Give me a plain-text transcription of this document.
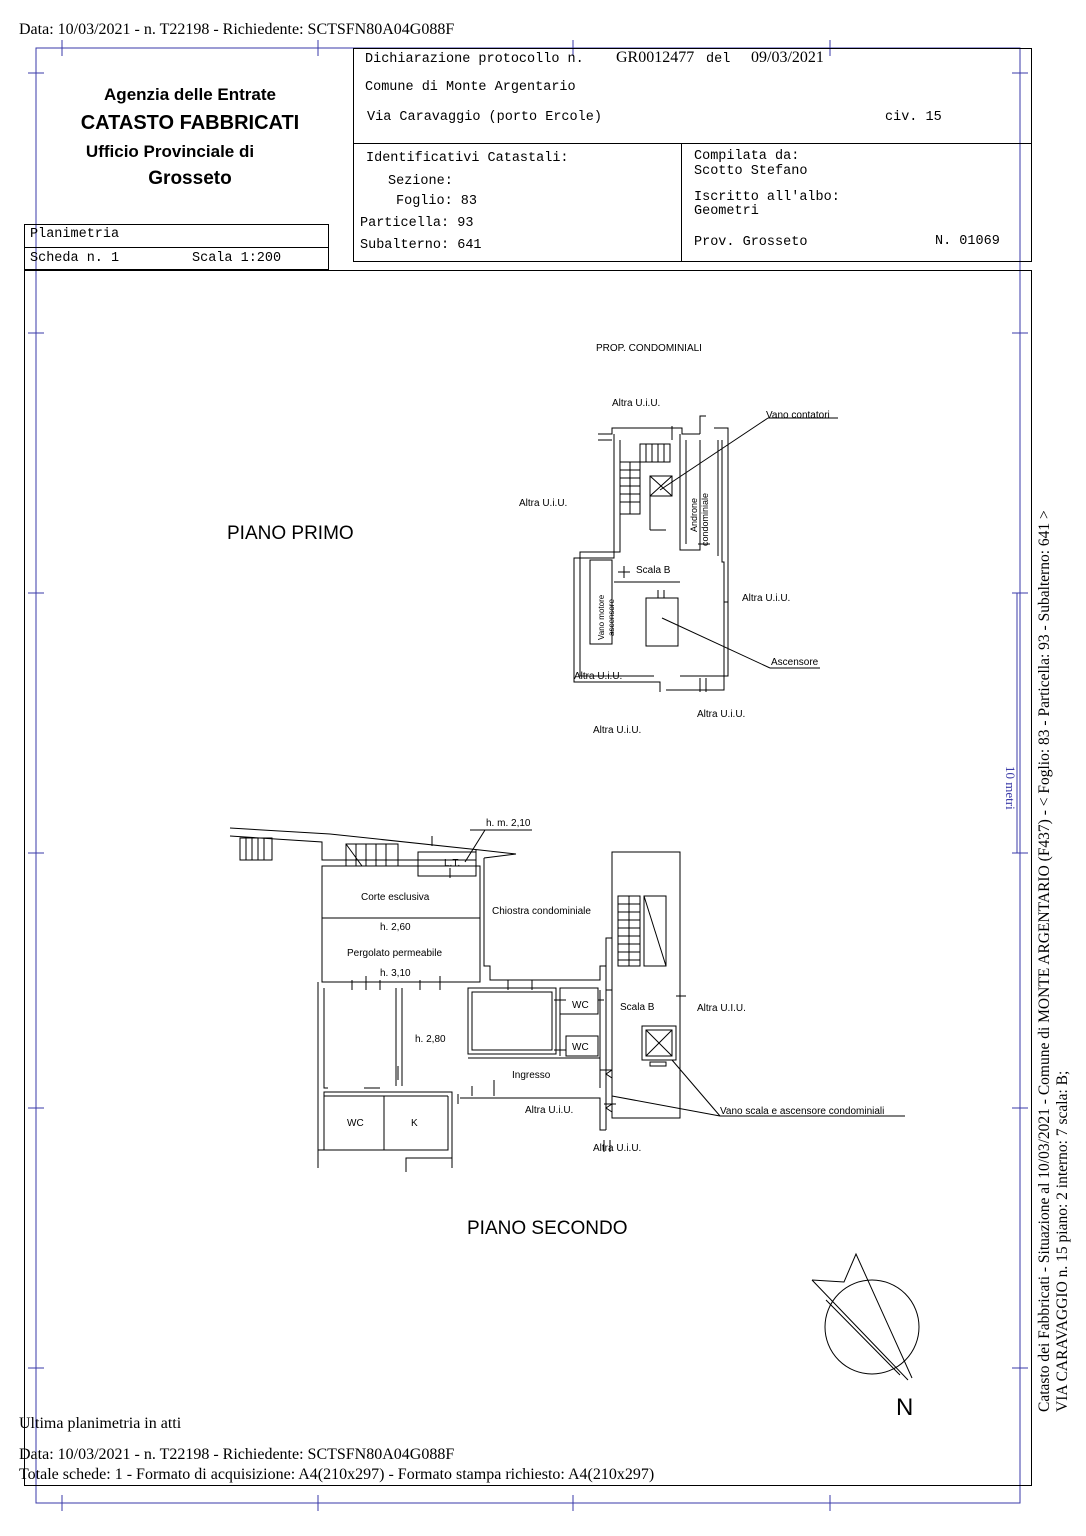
Data: 10/03/2021 - n. T22198 - Richiedente: SCTSFN80A04G088F
Agenzia delle Entrate
CATASTO FABBRICATI
Ufficio Provinciale di
Grosseto
Planimetria
Scheda n. 1	Scala 1:200
Dichiarazione protocollo n. GR0012477 del 09/03/2021
Comune di Monte Argentario
Via Caravaggio (porto Ercole)	civ. 15
Identificativi Catastali:
Sezione:
Foglio: 83
Particella: 93
Subalterno: 641
Compilata da:
Scotto Stefano
Iscritto all'albo:
Geometri
Prov. Grosseto	N. 01069
PIANO PRIMO
PIANO SECONDO
PROP. CONDOMINIALI
Altra U.i.U.
Vano contatori
Altra U.i.U.	Androne condominiale
Scala B
Altra U.i.U.
Vano motore ascensore
Ascensore
Altra U.i.U.
Altra U.i.U.
Altra U.i.U.
h. m. 2,10
L.T.
Corte esclusiva
Chiostra condominiale
h. 2,60
Pergolato permeabile
h. 3,10
WC	Scala B	Altra U.I.U.
h. 2,80
WC
Ingresso
Altra U.i.U.	Vano scala e ascensore condominiali
WC	K
Altra U.i.U.
N	Catasto dei Fabbricati - Situazione al 10/03/2021 - Comune di MONTE ARGENTARIO (F437) - < Foglio: 83 - Particella: 93 - Subalterno: 641 > VIA CARAVAGGIO n. 15 piano: 2 interno: 7 scala: B;
10 metri
Ultima planimetria in atti
Data: 10/03/2021 - n. T22198 - Richiedente: SCTSFN80A04G088F
Totale schede: 1 - Formato di acquisizione: A4(210x297) - Formato stampa richiesto: A4(210x297)
